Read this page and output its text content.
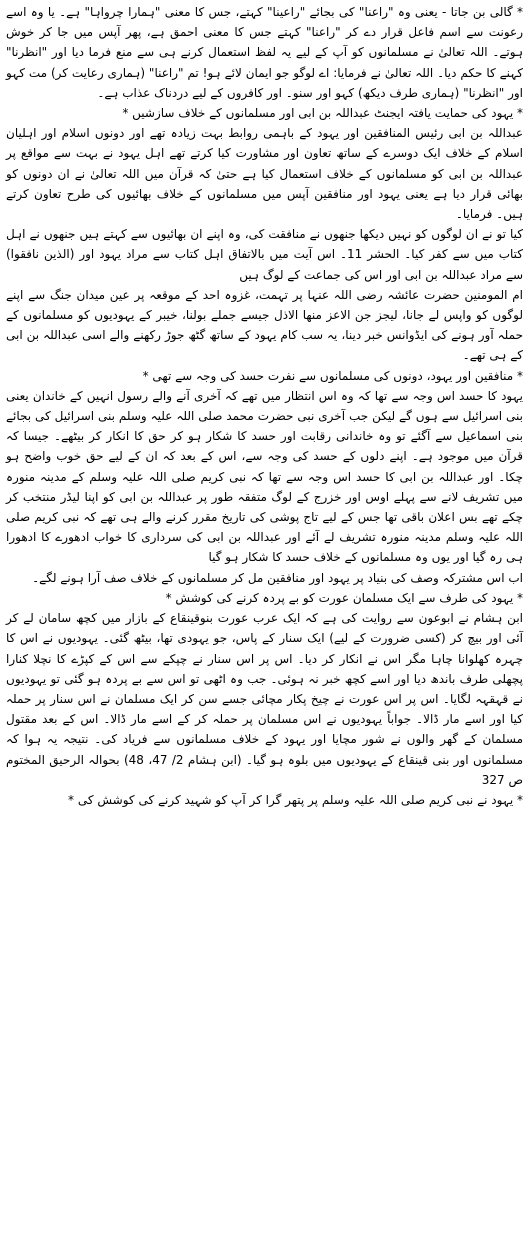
* گالی بن جاتا - یعنی وہ "راعنا" کی بجائے "راعینا" کہتے، جس کا معنی "ہمارا چرواہا" ہے۔ یا وہ اسے رعونت سے اسم فاعل قرار دے کر "راعنا" کہتے جس کا معنی احمق ہے، پھر آپس میں جا کر خوش ہوتے۔ اللہ تعالیٰ نے مسلمانوں کو آپ کے لیے یہ لفظ استعمال کرنے ہی سے منع فرما دیا اور "انظرنا" کہنے کا حکم دیا۔ اللہ تعالیٰ نے فرمایا: اے لوگو جو ایمان لائے ہو! تم "راعنا" (ہماری رعایت کر) مت کہو اور "انظرنا" (ہماری طرف دیکھ) کہو اور سنو۔ اور کافروں کے لیے دردناک عذاب ہے۔

* یہود کی حمایت یافتہ ایجنٹ عبداللہ بن ابی اور مسلمانوں کے خلاف سازشیں *

عبداللہ بن ابی رئیس المنافقین اور یہود کے باہمی روابط بہت زیادہ تھے اور دونوں اسلام اور اہلیان اسلام کے خلاف ایک دوسرے کے ساتھ تعاون اور مشاورت کیا کرتے تھے اہل یہود نے بہت سے مواقع پر عبداللہ بن ابی کو مسلمانوں کے خلاف استعمال کیا ہے حتیٰ کہ قرآن میں اللہ تعالیٰ نے ان دونوں کو بھائی قرار دیا ہے یعنی یہود اور منافقین آپس میں مسلمانوں کے خلاف بھائیوں کی طرح تعاون کرتے ہیں۔ فرمایا۔

کیا تو نے ان لوگوں کو نہیں دیکھا جنھوں نے منافقت کی، وہ اپنے ان بھائیوں سے کہتے ہیں جنھوں نے اہل کتاب میں سے کفر کیا۔ الحشر 11۔ اس آیت میں بالاتفاق اہل کتاب سے مراد یہود اور (الذین نافقوا) سے مراد عبداللہ بن ابی اور اس کی جماعت کے لوگ ہیں

ام المومنین حضرت عائشہ رضی اللہ عنہا پر تہمت، غزوہ احد کے موقعہ پر عین میدان جنگ سے اپنے لوگوں کو واپس لے جانا، لیجز جن الاعز منھا الاذل جیسے جملے بولنا، خیبر کے یہودیوں کو مسلمانوں کے حملہ آور ہونے کی ایڈوانس خبر دینا، یہ سب کام یہود کے ساتھ گٹھ جوڑ رکھنے والے اسی عبداللہ بن ابی کے ہی تھے۔

* منافقین اور یہود، دونوں کی مسلمانوں سے نفرت حسد کی وجہ سے تھی *

یہود کا حسد اس وجہ سے تھا کہ وہ اس انتظار میں تھے کہ آخری آنے والے رسول انہیں کے خاندان یعنی بنی اسرائیل سے ہوں گے لیکن جب آخری نبی حضرت محمد صلی اللہ علیہ وسلم بنی اسرائیل کی بجائے بنی اسماعیل سے آگئے تو وہ خاندانی رقابت اور حسد کا شکار ہو کر حق کا انکار کر بیٹھے۔ جیسا کہ قرآن میں موجود ہے۔ اپنے دلوں کے حسد کی وجہ سے، اس کے بعد کہ ان کے لیے حق خوب واضح ہو چکا۔ اور عبداللہ بن ابی کا حسد اس وجہ سے تھا کہ نبی کریم صلی اللہ علیہ وسلم کے مدینہ منورہ میں تشریف لانے سے پہلے اوس اور خزرج کے لوگ متفقہ طور پر عبداللہ بن ابی کو اپنا لیڈر منتخب کر چکے تھے بس اعلان باقی تھا جس کے لیے تاج پوشی کی تاریخ مقرر کرنے والے ہی تھے کہ نبی کریم صلی اللہ علیہ وسلم مدینہ منورہ تشریف لے آئے اور عبداللہ بن ابی کی سرداری کا خواب ادھورے کا ادھورا ہی رہ گیا اور یوں وہ مسلمانوں کے خلاف حسد کا شکار ہو گیا

اب اس مشترکہ وصف کی بنیاد پر یہود اور منافقین مل کر مسلمانوں کے خلاف صف آرا ہونے لگے۔

* یہود کی طرف سے ایک مسلمان عورت کو بے پردہ کرنے کی کوشش *

ابن ہشام نے ابوعون سے روایت کی ہے کہ ایک عرب عورت بنوقینقاع کے بازار میں کچھ سامان لے کر آئی اور بیچ کر (کسی ضرورت کے لیے) ایک سنار کے پاس، جو یہودی تھا، بیٹھ گئی۔ یہودیوں نے اس کا چہرہ کھلوانا چاہا مگر اس نے انکار کر دیا۔ اس پر اس سنار نے چپکے سے اس کے کپڑے کا نچلا کنارا پچھلی طرف باندھ دیا اور اسے کچھ خبر نہ ہوئی۔ جب وہ اٹھی تو اس سے بے پردہ ہو گئی تو یہودیوں نے قہقہہ لگایا۔ اس پر اس عورت نے چیخ پکار مچائی جسے سن کر ایک مسلمان نے اس سنار پر حملہ کیا اور اسے مار ڈالا۔ جواباً یہودیوں نے اس مسلمان پر حملہ کر کے اسے مار ڈالا۔ اس کے بعد مقتول مسلمان کے گھر والوں نے شور مچایا اور یہود کے خلاف مسلمانوں سے فریاد کی۔ نتیجہ یہ ہوا کہ مسلمانوں اور بنی قینقاع کے یہودیوں میں بلوہ ہو گیا۔ (ابن ہشام 2/ 47، 48) بحوالہ الرحیق المختوم ص 327

* یہود نے نبی کریم صلی اللہ علیہ وسلم پر پتھر گرا کر آپ کو شہید کرنے کی کوشش کی *
